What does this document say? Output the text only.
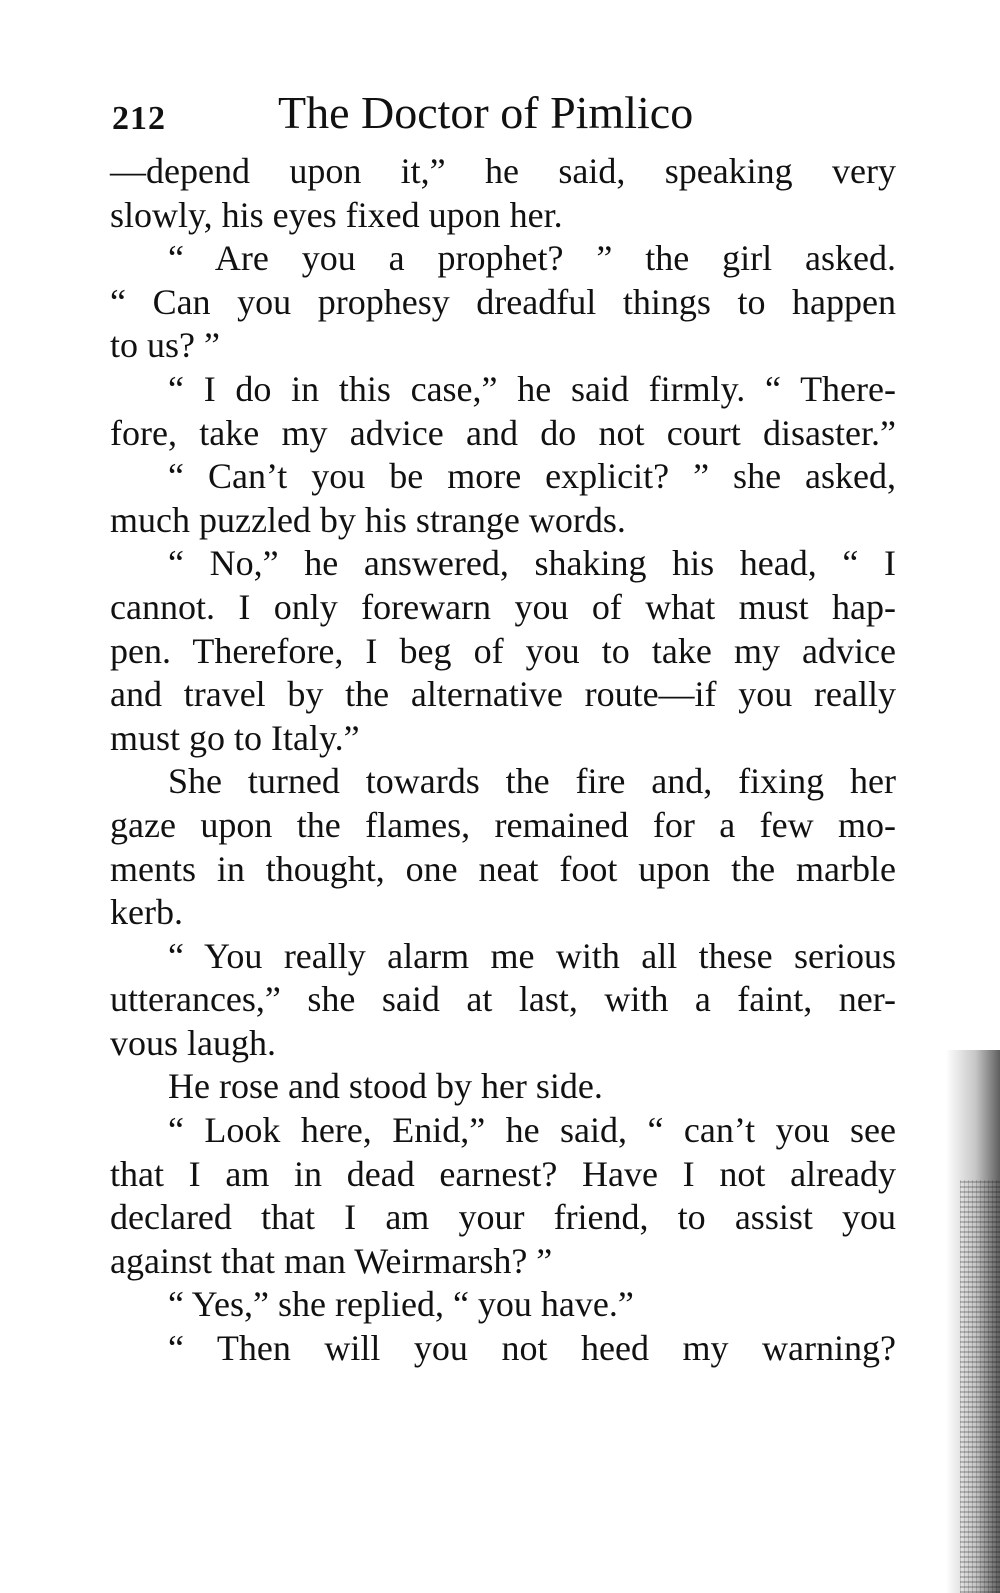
212 The Doctor of Pimlico
—depend upon it,” he said, speaking very
slowly, his eyes fixed upon her.
“ Are you a prophet? ” the girl asked.
“ Can you prophesy dreadful things to happen
to us? ”
“ I do in this case,” he said firmly. “ There-
fore, take my advice and do not court disaster.”
“ Can’t you be more explicit? ” she asked,
much puzzled by his strange words.
“ No,” he answered, shaking his head, “ I
cannot. I only forewarn you of what must hap-
pen. Therefore, I beg of you to take my advice
and travel by the alternative route—if you really
must go to Italy.”
She turned towards the fire and, fixing her
gaze upon the flames, remained for a few mo-
ments in thought, one neat foot upon the marble
kerb.
“ You really alarm me with all these serious
utterances,” she said at last, with a faint, ner-
vous laugh.
He rose and stood by her side.
“ Look here, Enid,” he said, “ can’t you see
that I am in dead earnest? Have I not already
declared that I am your friend, to assist you
against that man Weirmarsh? ”
“ Yes,” she replied, “ you have.”
“ Then will you not heed my warning?
